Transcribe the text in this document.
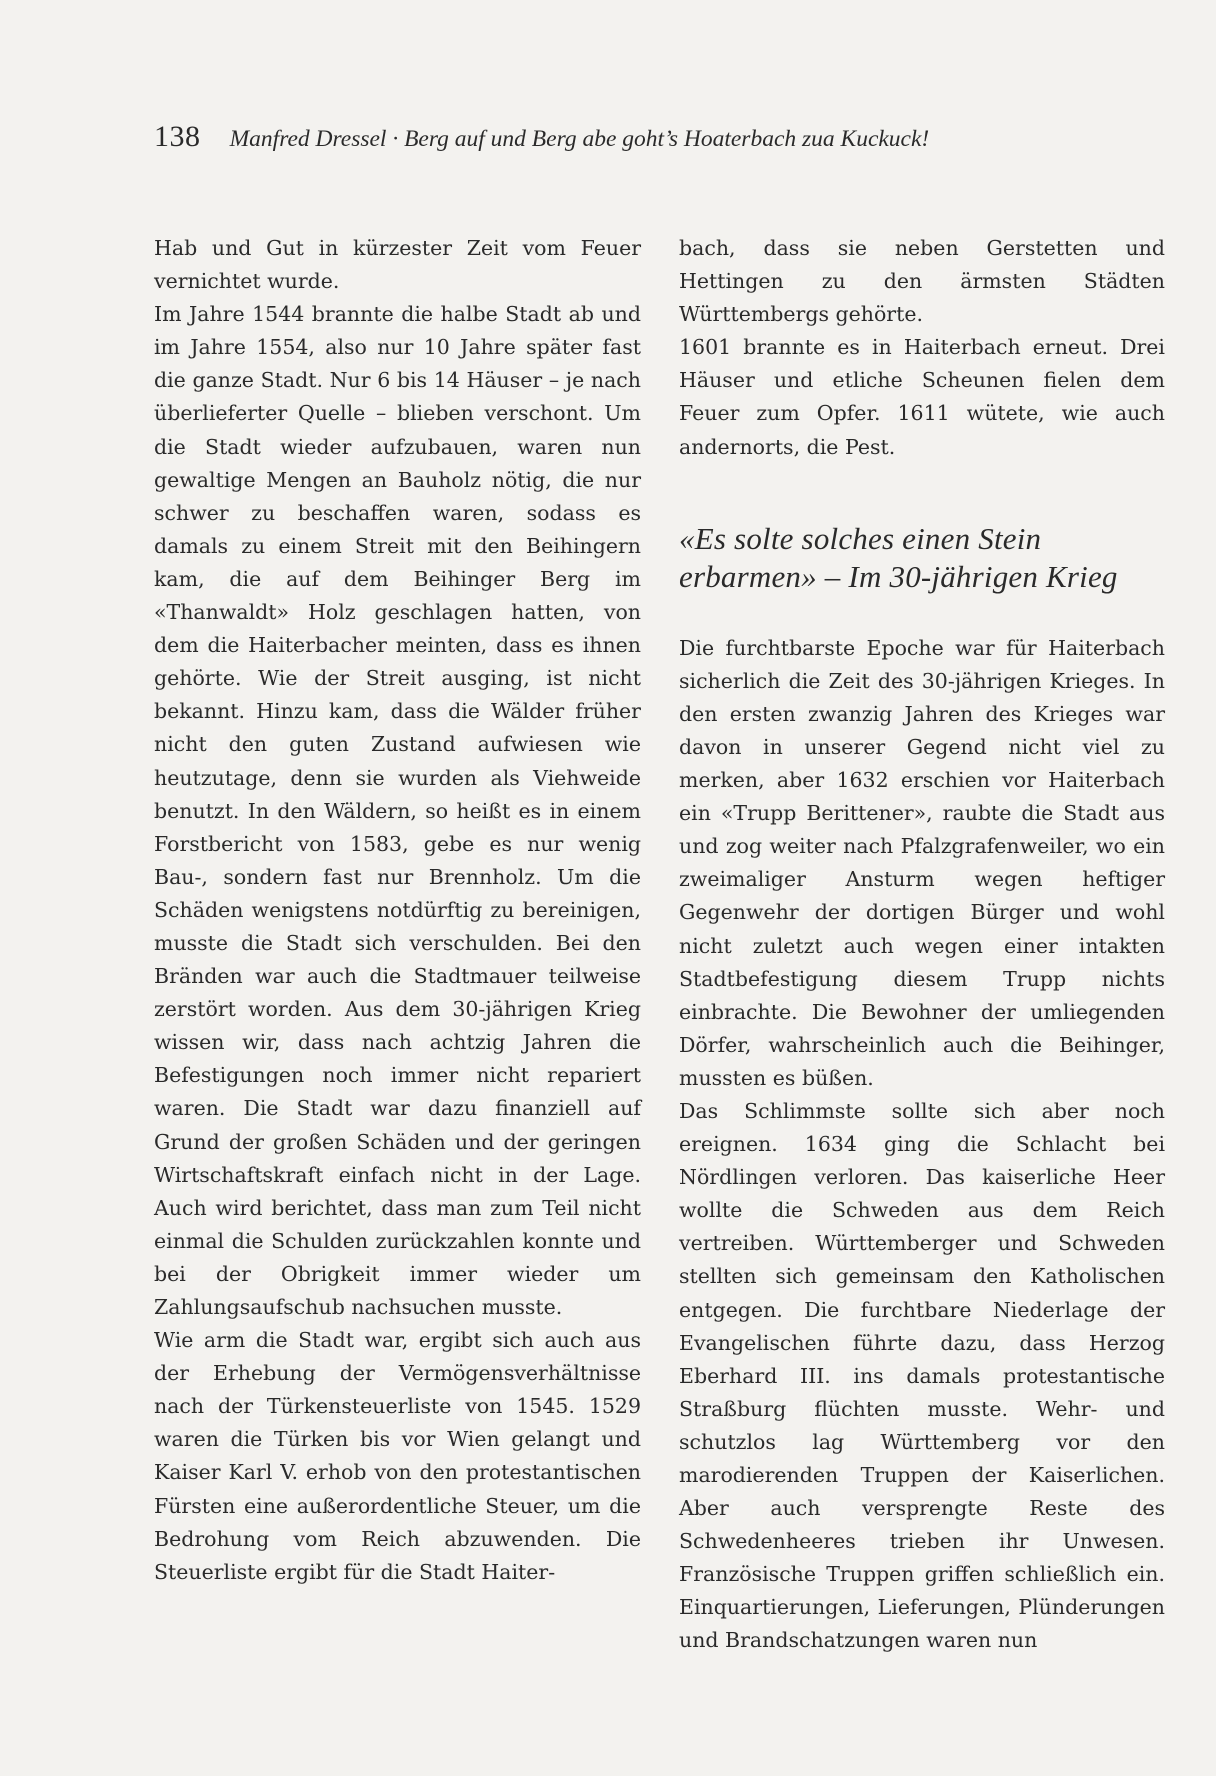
138 Manfred Dressel · Berg auf und Berg abe goht’s Hoaterbach zua Kuckuck!

Hab und Gut in kürzester Zeit vom Feuer vernichtet wurde.

Im Jahre 1544 brannte die halbe Stadt ab und im Jahre 1554, also nur 10 Jahre später fast die ganze Stadt. Nur 6 bis 14 Häuser – je nach überlieferter Quelle – blieben verschont. Um die Stadt wieder aufzubauen, waren nun gewaltige Mengen an Bauholz nötig, die nur schwer zu beschaffen waren, sodass es damals zu einem Streit mit den Beihingern kam, die auf dem Beihinger Berg im «Thanwaldt» Holz geschlagen hatten, von dem die Haiterbacher meinten, dass es ihnen gehörte. Wie der Streit ausging, ist nicht bekannt. Hinzu kam, dass die Wälder früher nicht den guten Zustand aufwiesen wie heutzutage, denn sie wurden als Viehweide benutzt. In den Wäldern, so heißt es in einem Forstbericht von 1583, gebe es nur wenig Bau-, sondern fast nur Brennholz. Um die Schäden wenigstens notdürftig zu bereinigen, musste die Stadt sich verschulden. Bei den Bränden war auch die Stadtmauer teilweise zerstört worden. Aus dem 30-jährigen Krieg wissen wir, dass nach achtzig Jahren die Befestigungen noch immer nicht repariert waren. Die Stadt war dazu finanziell auf Grund der großen Schäden und der geringen Wirtschaftskraft einfach nicht in der Lage. Auch wird berichtet, dass man zum Teil nicht einmal die Schulden zurückzahlen konnte und bei der Obrigkeit immer wieder um Zahlungsaufschub nachsuchen musste.

Wie arm die Stadt war, ergibt sich auch aus der Erhebung der Vermögensverhältnisse nach der Türkensteuerliste von 1545. 1529 waren die Türken bis vor Wien gelangt und Kaiser Karl V. erhob von den protestantischen Fürsten eine außerordentliche Steuer, um die Bedrohung vom Reich abzuwenden. Die Steuerliste ergibt für die Stadt Haiter-

bach, dass sie neben Gerstetten und Hettingen zu den ärmsten Städten Württembergs gehörte.

1601 brannte es in Haiterbach erneut. Drei Häuser und etliche Scheunen fielen dem Feuer zum Opfer. 1611 wütete, wie auch andernorts, die Pest.

«Es solte solches einen Stein erbarmen» – Im 30-jährigen Krieg

Die furchtbarste Epoche war für Haiterbach sicherlich die Zeit des 30-jährigen Krieges. In den ersten zwanzig Jahren des Krieges war davon in unserer Gegend nicht viel zu merken, aber 1632 erschien vor Haiterbach ein «Trupp Berittener», raubte die Stadt aus und zog weiter nach Pfalzgrafenweiler, wo ein zweimaliger Ansturm wegen heftiger Gegenwehr der dortigen Bürger und wohl nicht zuletzt auch wegen einer intakten Stadtbefestigung diesem Trupp nichts einbrachte. Die Bewohner der umliegenden Dörfer, wahrscheinlich auch die Beihinger, mussten es büßen.

Das Schlimmste sollte sich aber noch ereignen. 1634 ging die Schlacht bei Nördlingen verloren. Das kaiserliche Heer wollte die Schweden aus dem Reich vertreiben. Württemberger und Schweden stellten sich gemeinsam den Katholischen entgegen. Die furchtbare Niederlage der Evangelischen führte dazu, dass Herzog Eberhard III. ins damals protestantische Straßburg flüchten musste. Wehr- und schutzlos lag Württemberg vor den marodierenden Truppen der Kaiserlichen. Aber auch versprengte Reste des Schwedenheeres trieben ihr Unwesen. Französische Truppen griffen schließlich ein. Einquartierungen, Lieferungen, Plünderungen und Brandschatzungen waren nun
